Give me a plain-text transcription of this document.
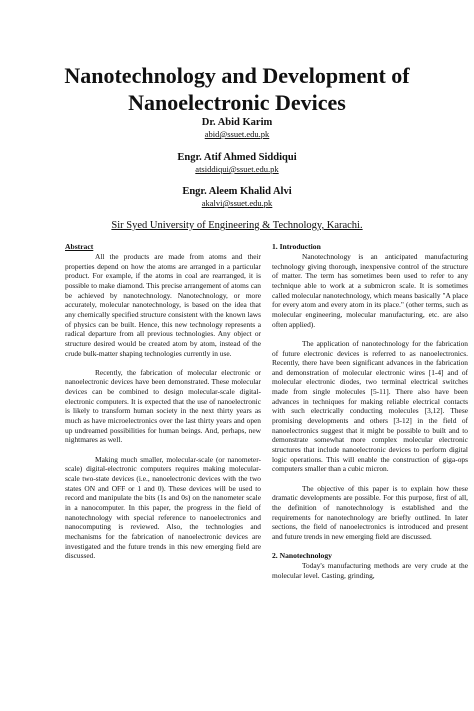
Nanotechnology and Development of
Nanoelectronic Devices
Dr. Abid Karim
abid@ssuet.edu.pk
Engr. Atif Ahmed Siddiqui
atsiddiqui@ssuet.edu.pk
Engr. Aleem Khalid Alvi
akalvi@ssuet.edu.pk
Sir Syed University of Engineering & Technology, Karachi.

Abstract

All the products are made from atoms and their properties depend on how the atoms are arranged in a particular product. For example, if the atoms in coal are rearranged, it is possible to make diamond. This precise arrangement of atoms can be achieved by nanotechnology. Nanotechnology, or more accurately, molecular nanotechnology, is based on the idea that any chemically specified structure consistent with the known laws of physics can be built. Hence, this new technology represents a radical departure from all previous technologies. Any object or structure desired would be created atom by atom, instead of the crude bulk-matter shaping technologies currently in use.

Recently, the fabrication of molecular electronic or nanoelectronic devices have been demonstrated. These molecular devices can be combined to design molecular-scale digital-electronic computers. It is expected that the use of nanoelectronic is likely to transform human society in the next thirty years as much as have microelectronics over the last thirty years and open up undreamed possibilities for human beings. And, perhaps, new nightmares as well.

Making much smaller, molecular-scale (or nanometer-scale) digital-electronic computers requires making molecular-scale two-state devices (i.e., nanoelectronic devices with the two states ON and OFF or 1 and 0). These devices will be used to record and manipulate the bits (1s and 0s) on the nanometer scale in a nanocomputer. In this paper, the progress in the field of nanotechnology with special reference to nanoelectronics and nanocomputing is reviewed. Also, the technologies and mechanisms for the fabrication of nanoelectronic devices are investigated and the future trends in this new emerging field are discussed.

1. Introduction

Nanotechnology is an anticipated manufacturing technology giving thorough, inexpensive control of the structure of matter. The term has sometimes been used to refer to any technique able to work at a submicron scale. It is sometimes called molecular nanotechnology, which means basically "A place for every atom and every atom in its place." (other terms, such as molecular engineering, molecular manufacturing, etc. are also often applied).

The application of nanotechnology for the fabrication of future electronic devices is referred to as nanoelectronics. Recently, there have been significant advances in the fabrication and demonstration of molecular electronic wires [1-4] and of molecular electronic diodes, two terminal electrical switches made from single molecules [5-11]. There also have been advances in techniques for making reliable electrical contacts with such electrically conducting molecules [3,12]. These promising developments and others [3-12] in the field of nanoelectronics suggest that it might be possible to built and to demonstrate somewhat more complex molecular electronic structures that include nanoelectronic devices to perform digital logic operations. This will enable the construction of giga-ops computers smaller than a cubic micron.

The objective of this paper is to explain how these dramatic developments are possible. For this purpose, first of all, the definition of nanotechnology is established and the requirements for nanotechnology are briefly outlined. In later sections, the field of nanoelectronics is introduced and present and future trends in new emerging field are discussed.

2. Nanotechnology

Today's manufacturing methods are very crude at the molecular level. Casting, grinding,
